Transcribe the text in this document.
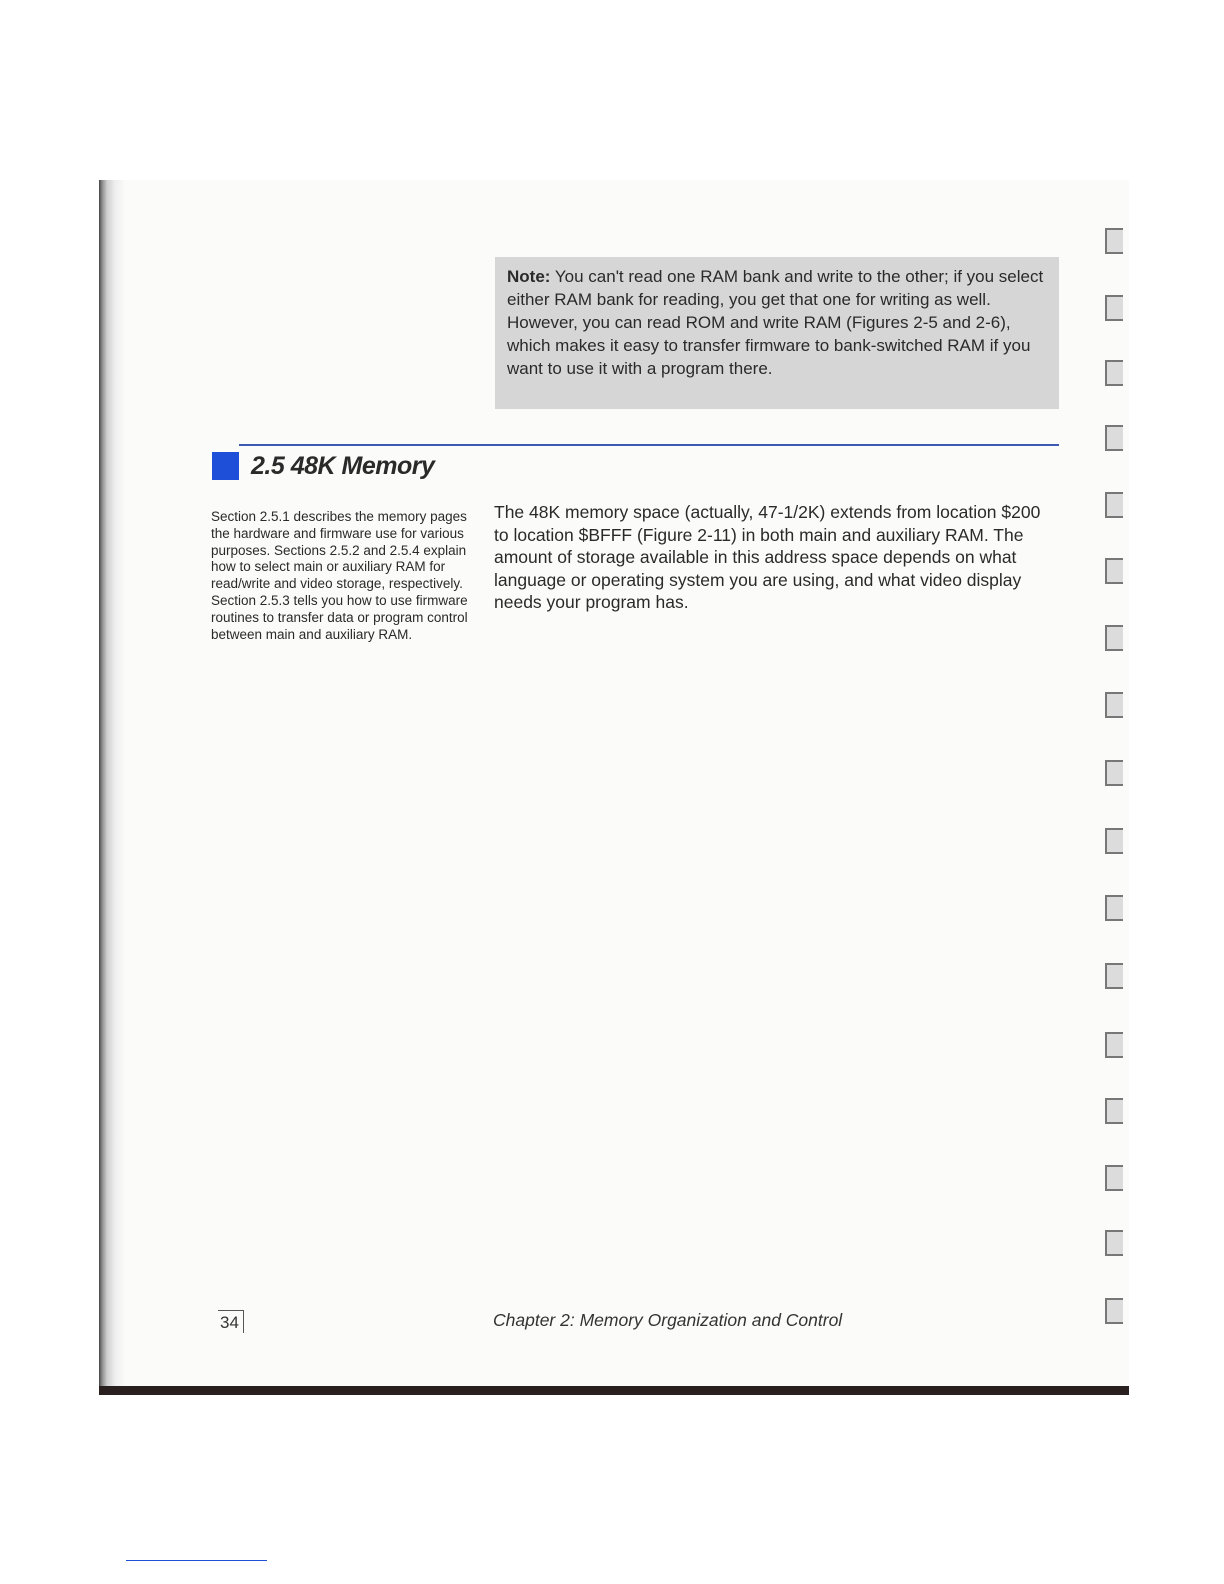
Note: You can't read one RAM bank and write to the other; if you select either RAM bank for reading, you get that one for writing as well. However, you can read ROM and write RAM (Figures 2-5 and 2-6), which makes it easy to transfer firmware to bank-switched RAM if you want to use it with a program there.
2.5 48K Memory
Section 2.5.1 describes the memory pages the hardware and firmware use for various purposes. Sections 2.5.2 and 2.5.4 explain how to select main or auxiliary RAM for read/write and video storage, respectively. Section 2.5.3 tells you how to use firmware routines to transfer data or program control between main and auxiliary RAM.
The 48K memory space (actually, 47-1/2K) extends from location $200 to location $BFFF (Figure 2-11) in both main and auxiliary RAM. The amount of storage available in this address space depends on what language or operating system you are using, and what video display needs your program has.
34	Chapter 2: Memory Organization and Control
